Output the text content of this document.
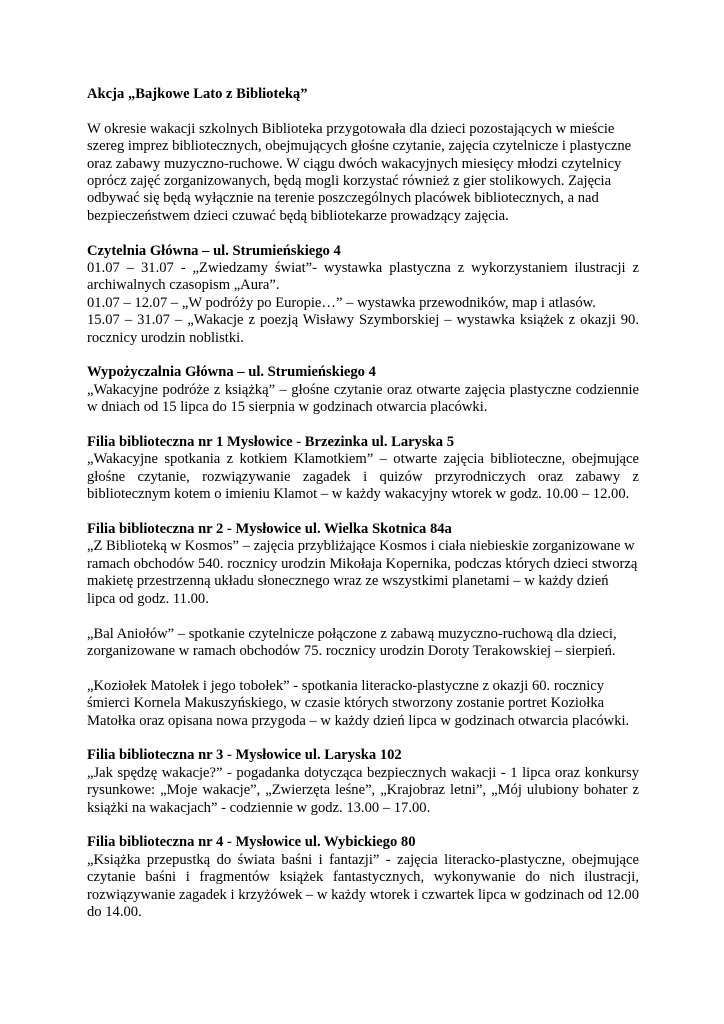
Akcja „Bajkowe Lato z Biblioteką”

W okresie wakacji szkolnych Biblioteka przygotowała dla dzieci pozostających w mieście szereg imprez bibliotecznych, obejmujących głośne czytanie, zajęcia czytelnicze i plastyczne oraz zabawy muzyczno-ruchowe. W ciągu dwóch wakacyjnych miesięcy młodzi czytelnicy oprócz zajęć zorganizowanych, będą mogli korzystać również z gier stolikowych. Zajęcia odbywać się będą wyłącznie na terenie poszczególnych placówek bibliotecznych, a nad bezpieczeństwem dzieci czuwać będą bibliotekarze prowadzący zajęcia.

Czytelnia Główna – ul. Strumieńskiego 4

01.07 – 31.07 - „Zwiedzamy świat”- wystawka plastyczna z wykorzystaniem ilustracji z archiwalnych czasopism „Aura”.

01.07 – 12.07 – „W podróży po Europie…” – wystawka przewodników, map i atlasów.

15.07 – 31.07 – „Wakacje z poezją Wisławy Szymborskiej – wystawka książek z okazji 90. rocznicy urodzin noblistki.

Wypożyczalnia Główna – ul. Strumieńskiego 4

„Wakacyjne podróże z książką” – głośne czytanie oraz otwarte zajęcia plastyczne codziennie w dniach od 15 lipca do 15 sierpnia w godzinach otwarcia placówki.

Filia biblioteczna nr 1 Mysłowice - Brzezinka ul. Laryska 5

„Wakacyjne spotkania z kotkiem Klamotkiem” – otwarte zajęcia biblioteczne, obejmujące głośne czytanie, rozwiązywanie zagadek i quizów przyrodniczych oraz zabawy z bibliotecznym kotem o imieniu Klamot – w każdy wakacyjny wtorek w godz. 10.00 – 12.00.

Filia biblioteczna nr 2 - Mysłowice ul. Wielka Skotnica 84a

„Z Biblioteką w Kosmos” – zajęcia przybliżające Kosmos i ciała niebieskie zorganizowane w ramach obchodów 540. rocznicy urodzin Mikołaja Kopernika, podczas których dzieci stworzą makietę przestrzenną układu słonecznego wraz ze wszystkimi planetami – w każdy dzień lipca od godz. 11.00.

„Bal Aniołów” – spotkanie czytelnicze połączone z zabawą muzyczno-ruchową dla dzieci, zorganizowane w ramach obchodów 75. rocznicy urodzin Doroty Terakowskiej – sierpień.

„Koziołek Matołek i jego tobołek” - spotkania literacko-plastyczne z okazji 60. rocznicy śmierci Kornela Makuszyńskiego, w czasie których stworzony zostanie portret Koziołka Matołka oraz opisana nowa przygoda – w każdy dzień lipca w godzinach otwarcia placówki.

Filia biblioteczna nr 3 - Mysłowice ul. Laryska 102

„Jak spędzę wakacje?” - pogadanka dotycząca bezpiecznych wakacji - 1 lipca oraz konkursy rysunkowe: „Moje wakacje”, „Zwierzęta leśne”, „Krajobraz letni”, „Mój ulubiony bohater z książki na wakacjach” - codziennie w godz. 13.00 – 17.00.

Filia biblioteczna nr 4 - Mysłowice ul. Wybickiego 80

„Książka przepustką do świata baśni i fantazji” - zajęcia literacko-plastyczne, obejmujące czytanie baśni i fragmentów książek fantastycznych, wykonywanie do nich ilustracji, rozwiązywanie zagadek i krzyżówek – w każdy wtorek i czwartek lipca w godzinach od 12.00 do 14.00.
